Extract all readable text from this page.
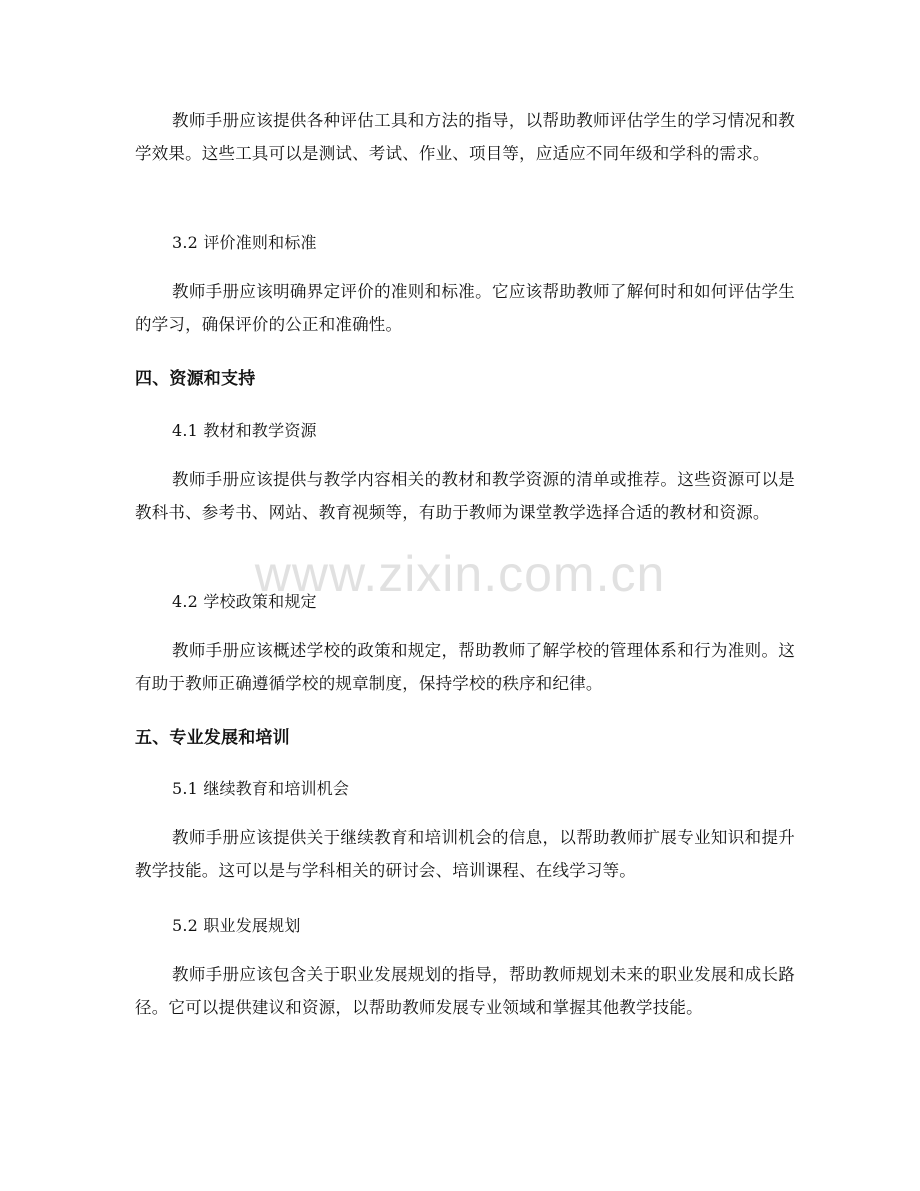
教师手册应该提供各种评估工具和方法的指导，以帮助教师评估学生的学习情况和教学效果。这些工具可以是测试、考试、作业、项目等，应适应不同年级和学科的需求。

3.2 评价准则和标准

教师手册应该明确界定评价的准则和标准。它应该帮助教师了解何时和如何评估学生的学习，确保评价的公正和准确性。

四、资源和支持

4.1 教材和教学资源

教师手册应该提供与教学内容相关的教材和教学资源的清单或推荐。这些资源可以是教科书、参考书、网站、教育视频等，有助于教师为课堂教学选择合适的教材和资源。

4.2 学校政策和规定

教师手册应该概述学校的政策和规定，帮助教师了解学校的管理体系和行为准则。这有助于教师正确遵循学校的规章制度，保持学校的秩序和纪律。

五、专业发展和培训

5.1 继续教育和培训机会

教师手册应该提供关于继续教育和培训机会的信息，以帮助教师扩展专业知识和提升教学技能。这可以是与学科相关的研讨会、培训课程、在线学习等。

5.2 职业发展规划

教师手册应该包含关于职业发展规划的指导，帮助教师规划未来的职业发展和成长路径。它可以提供建议和资源，以帮助教师发展专业领域和掌握其他教学技能。

www.zixin.com.cn
